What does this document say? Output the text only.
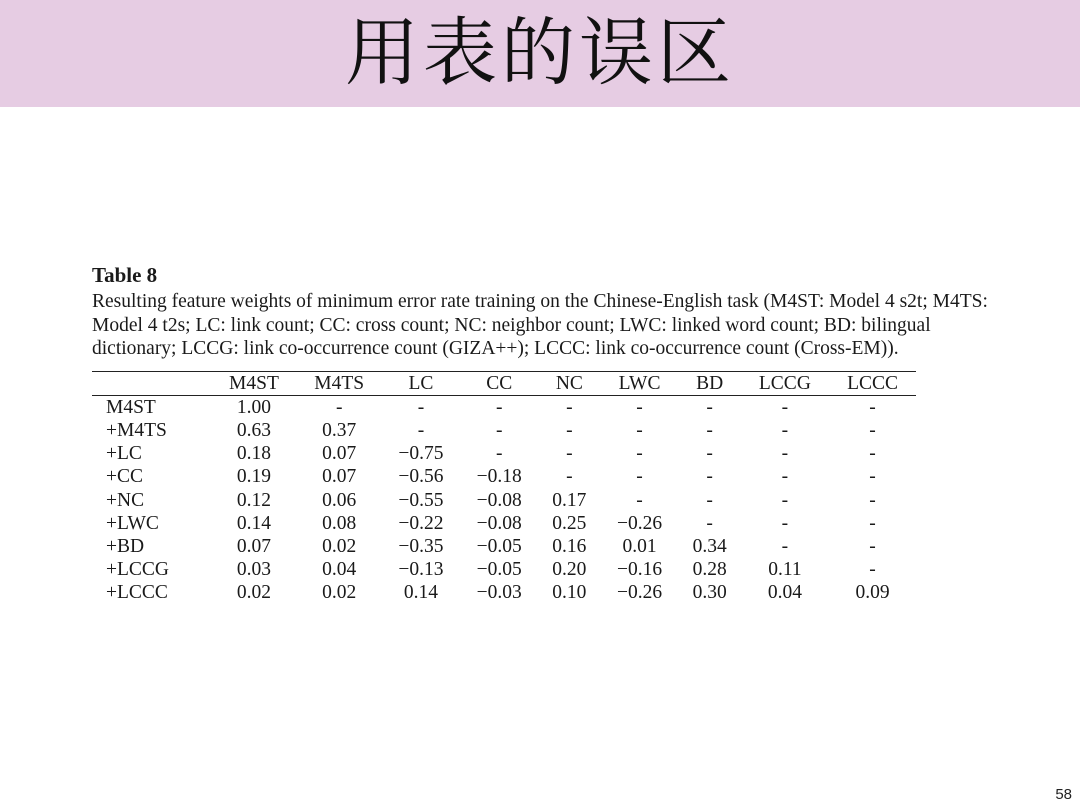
用表的误区
Table 8
Resulting feature weights of minimum error rate training on the Chinese-English task (M4ST: Model 4 s2t; M4TS: Model 4 t2s; LC: link count; CC: cross count; NC: neighbor count; LWC: linked word count; BD: bilingual dictionary; LCCG: link co-occurrence count (GIZA++); LCCC: link co-occurrence count (Cross-EM)).
	M4ST	M4TS	LC	CC	NC	LWC	BD	LCCG	LCCC
M4ST	1.00	-	-	-	-	-	-	-	-
+M4TS	0.63	0.37	-	-	-	-	-	-	-
+LC	0.18	0.07	−0.75	-	-	-	-	-	-
+CC	0.19	0.07	−0.56	−0.18	-	-	-	-	-
+NC	0.12	0.06	−0.55	−0.08	0.17	-	-	-	-
+LWC	0.14	0.08	−0.22	−0.08	0.25	−0.26	-	-	-
+BD	0.07	0.02	−0.35	−0.05	0.16	0.01	0.34	-	-
+LCCG	0.03	0.04	−0.13	−0.05	0.20	−0.16	0.28	0.11	-
+LCCC	0.02	0.02	0.14	−0.03	0.10	−0.26	0.30	0.04	0.09
58
